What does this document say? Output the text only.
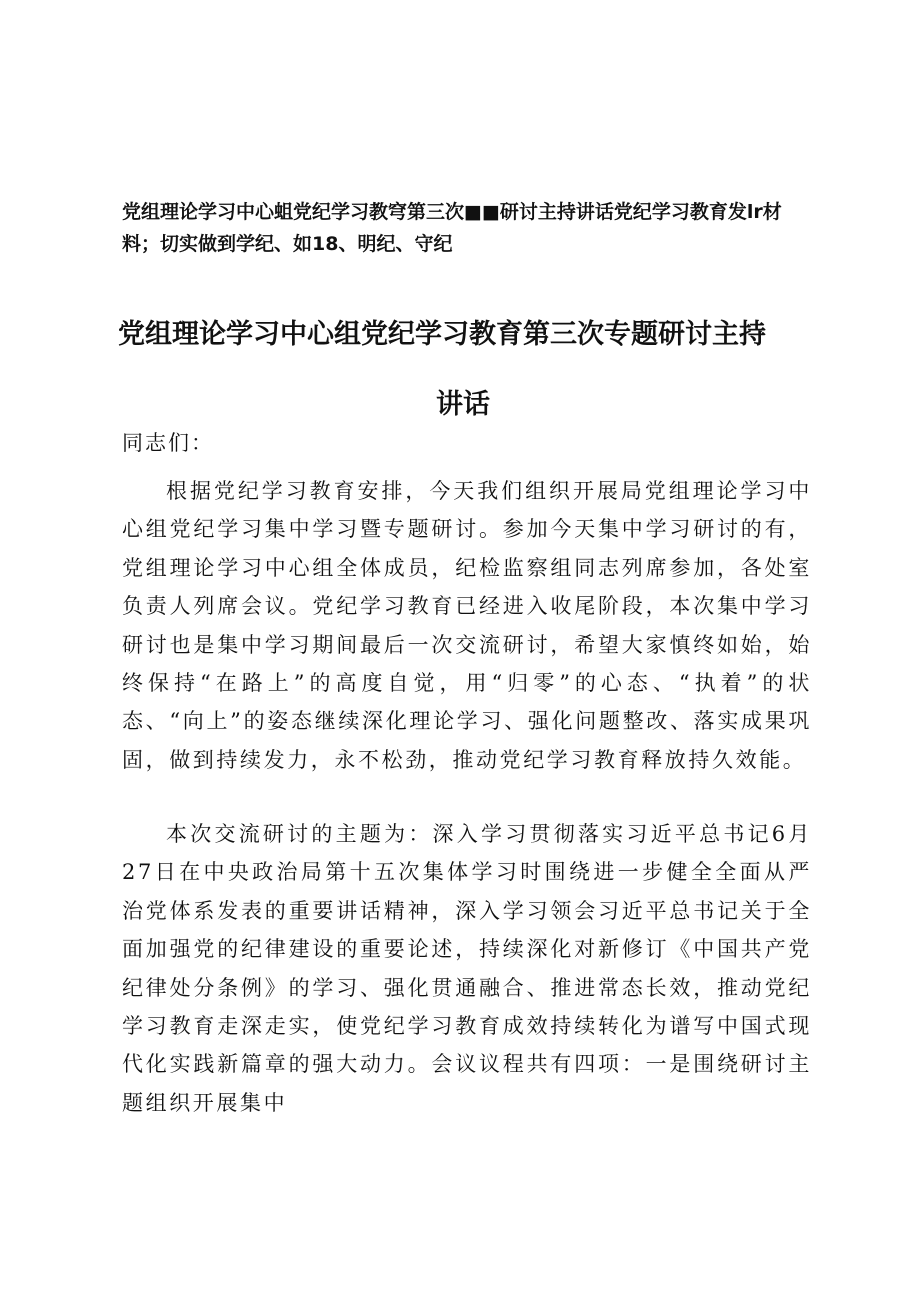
党组理论学习中心蛆党纪学习教穹第三次■■研讨主持讲话党纪学习教育发lr材料；切实做到学纪、如18、明纪、守纪

党组理论学习中心组党纪学习教育第三次专题研讨主持
讲话

同志们：

根据党纪学习教育安排，今天我们组织开展局党组理论学习中心组党纪学习集中学习暨专题研讨。参加今天集中学习研讨的有，党组理论学习中心组全体成员，纪检监察组同志列席参加，各处室负责人列席会议。党纪学习教育已经进入收尾阶段，本次集中学习研讨也是集中学习期间最后一次交流研讨，希望大家慎终如始，始终保持“在路上”的高度自觉，用“归零”的心态、“执着”的状态、“向上”的姿态继续深化理论学习、强化问题整改、落实成果巩固，做到持续发力，永不松劲，推动党纪学习教育释放持久效能。

本次交流研讨的主题为：深入学习贯彻落实习近平总书记6月27日在中央政治局第十五次集体学习时围绕进一步健全全面从严治党体系发表的重要讲话精神，深入学习领会习近平总书记关于全面加强党的纪律建设的重要论述，持续深化对新修订《中国共产党纪律处分条例》的学习、强化贯通融合、推进常态长效，推动党纪学习教育走深走实，使党纪学习教育成效持续转化为谱写中国式现代化实践新篇章的强大动力。会议议程共有四项：一是围绕研讨主题组织开展集中
